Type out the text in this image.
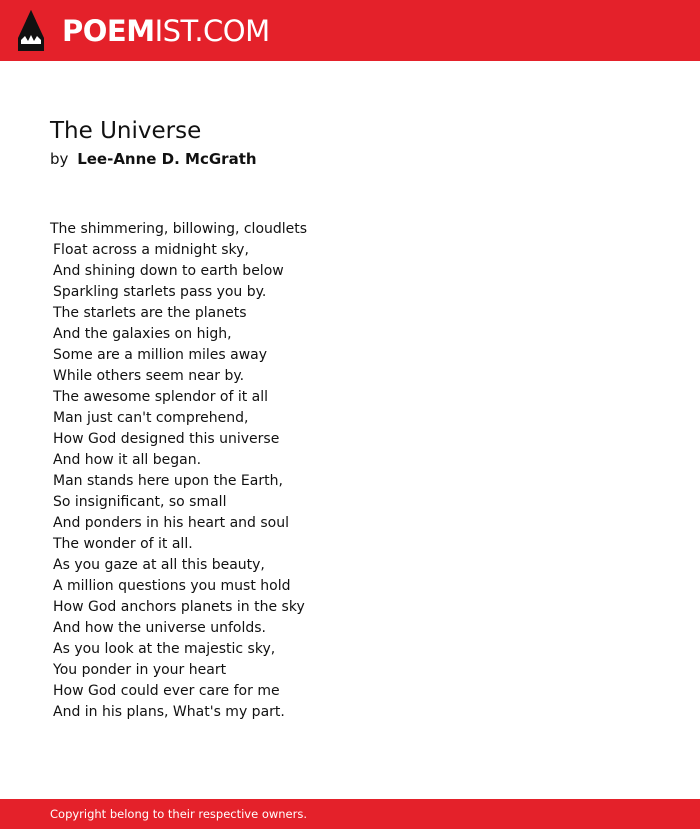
POEMIST.COM
The Universe
by Lee-Anne D. McGrath
The shimmering, billowing, cloudlets
Float across a midnight sky,
And shining down to earth below
Sparkling starlets pass you by.
The starlets are the planets
And the galaxies on high,
Some are a million miles away
While others seem near by.
The awesome splendor of it all
Man just can't comprehend,
How God designed this universe
And how it all began.
Man stands here upon the Earth,
So insignificant, so small
And ponders in his heart and soul
The wonder of it all.
As you gaze at all this beauty,
A million questions you must hold
How God anchors planets in the sky
And how the universe unfolds.
As you look at the majestic sky,
You ponder in your heart
How God could ever care for me
And in his plans, What's my part.
Copyright belong to their respective owners.
